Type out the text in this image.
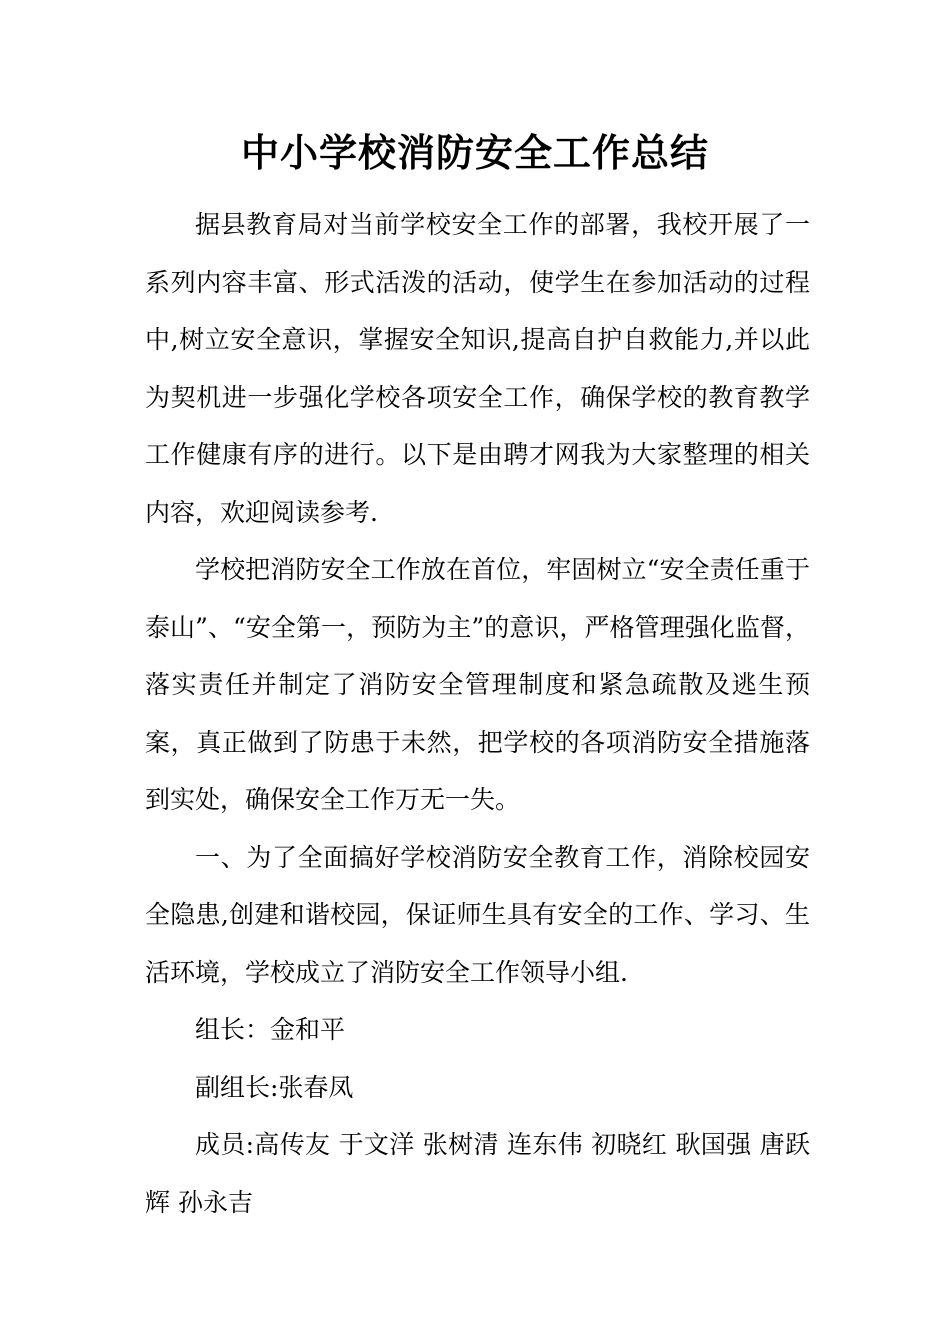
中小学校消防安全工作总结

据县教育局对当前学校安全工作的部署，我校开展了一系列内容丰富、形式活泼的活动，使学生在参加活动的过程中,树立安全意识，掌握安全知识,提高自护自救能力,并以此为契机进一步强化学校各项安全工作，确保学校的教育教学工作健康有序的进行。以下是由聘才网我为大家整理的相关内容，欢迎阅读参考.

学校把消防安全工作放在首位，牢固树立“安全责任重于泰山”、“安全第一，预防为主”的意识，严格管理强化监督，落实责任并制定了消防安全管理制度和紧急疏散及逃生预案，真正做到了防患于未然，把学校的各项消防安全措施落到实处，确保安全工作万无一失。

一、为了全面搞好学校消防安全教育工作，消除校园安全隐患,创建和谐校园，保证师生具有安全的工作、学习、生活环境，学校成立了消防安全工作领导小组.

组长：金和平

副组长:张春凤

成员:高传友 于文洋 张树清 连东伟 初晓红 耿国强 唐跃辉 孙永吉
